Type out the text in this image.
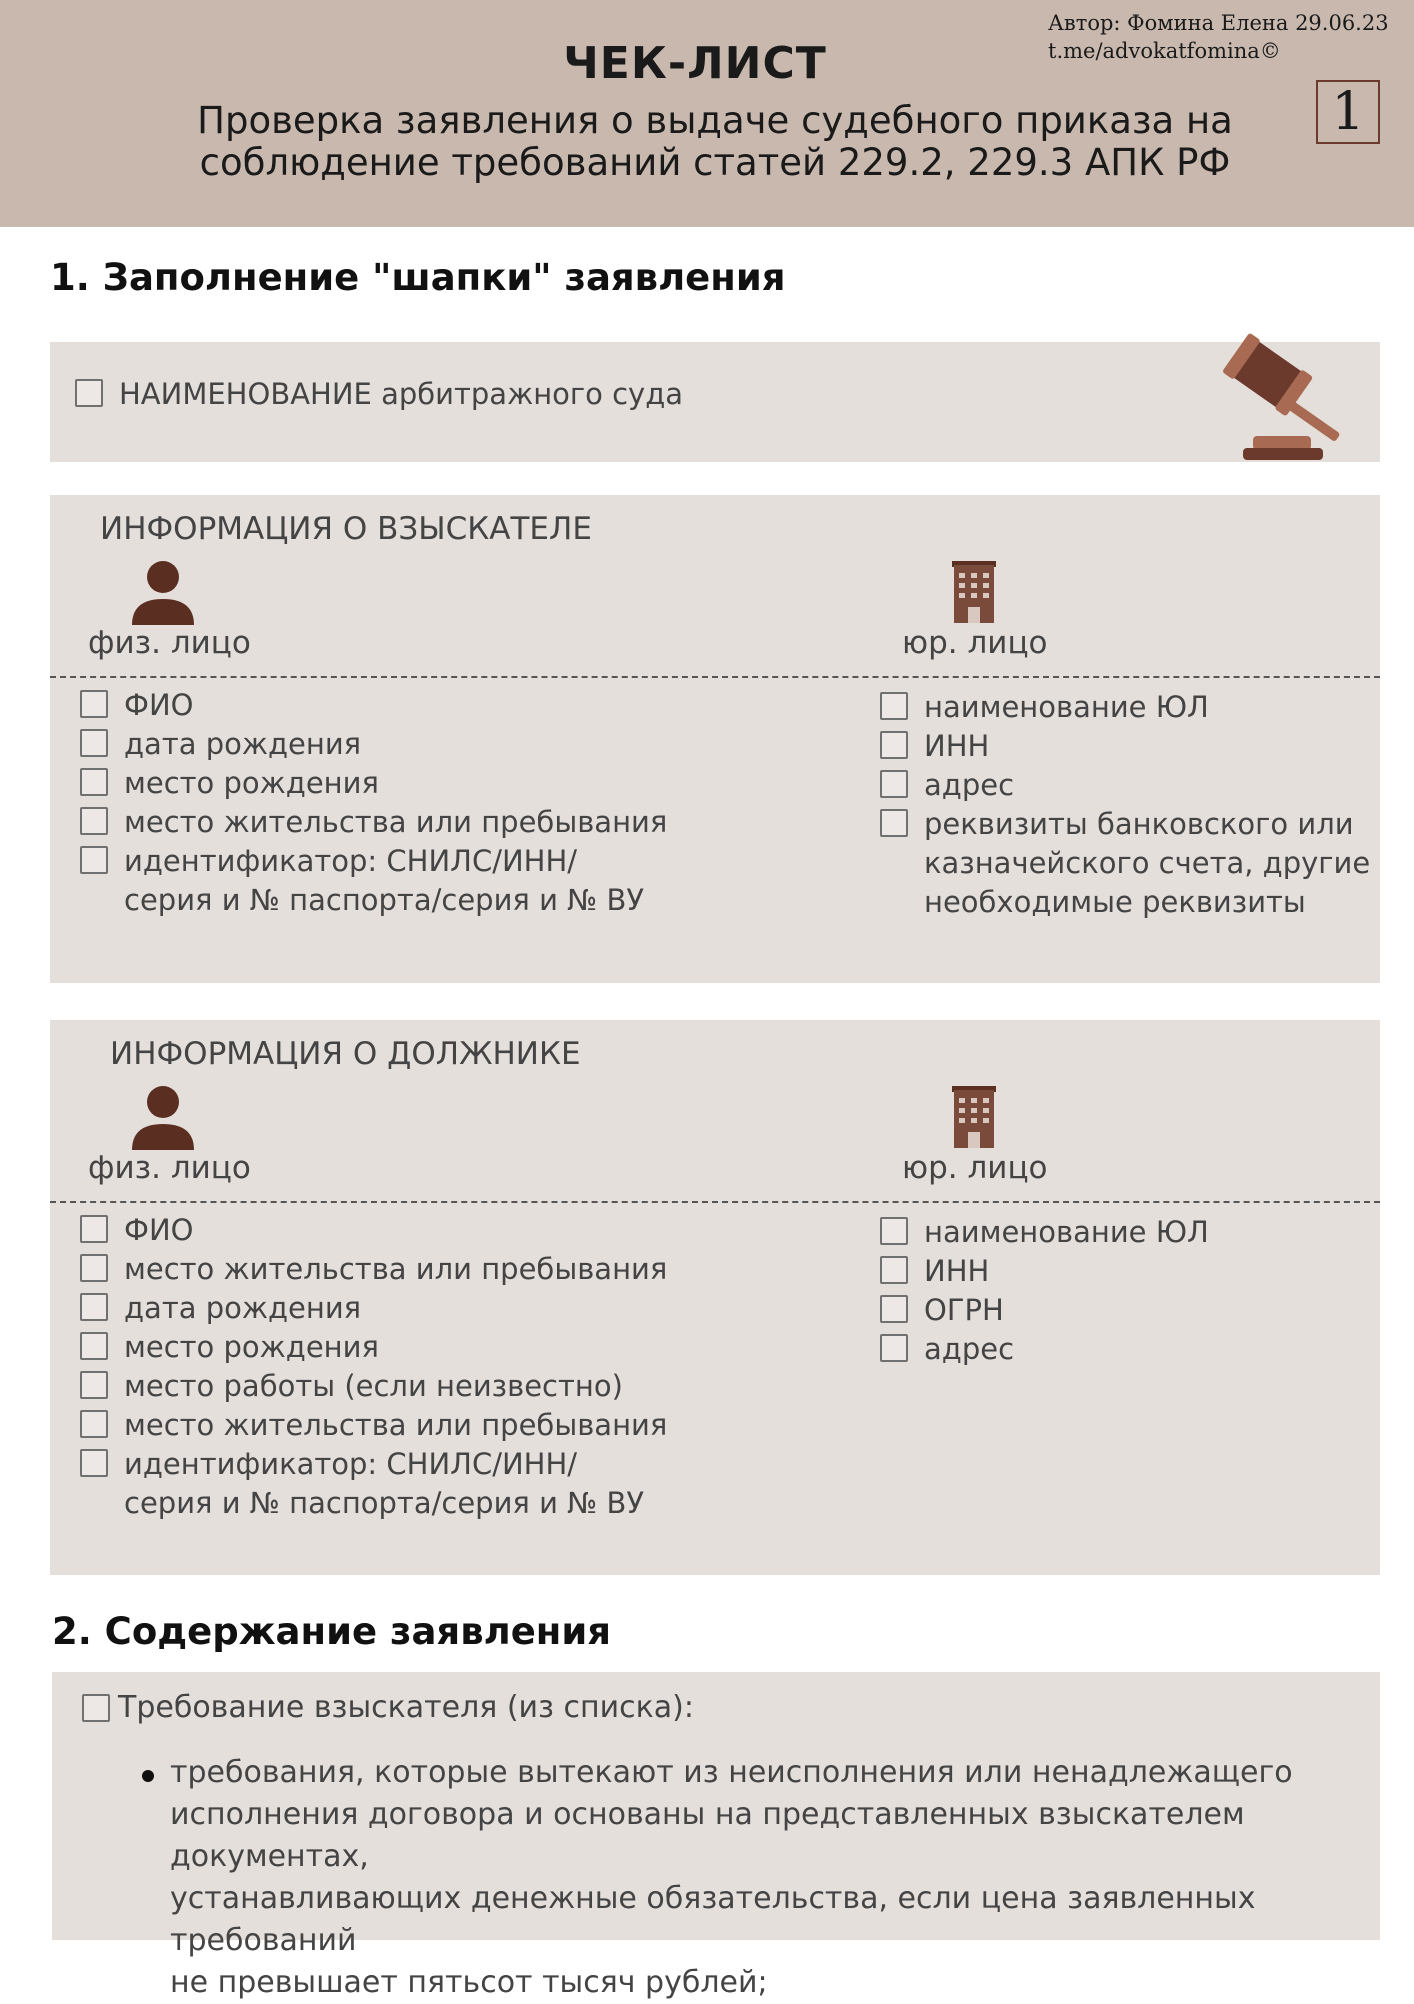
ЧЕК-ЛИСТ
Проверка заявления о выдаче судебного приказа на
соблюдение требований статей 229.2, 229.3 АПК РФ
Автор: Фомина Елена 29.06.23
t.me/advokatfomina©
1
1. Заполнение "шапки" заявления
НАИМЕНОВАНИЕ арбитражного суда
ИНФОРМАЦИЯ О ВЗЫСКАТЕЛЕ
физ. лицо	юр. лицо
ФИО
дата рождения
место рождения
место жительства или пребывания
идентификатор: СНИЛС/ИНН/
серия и № паспорта/серия и № ВУ
наименование ЮЛ
ИНН
адрес
реквизиты банковского или
казначейского счета, другие
необходимые реквизиты
ИНФОРМАЦИЯ О ДОЛЖНИКЕ
физ. лицо	юр. лицо
ФИО
место жительства или пребывания
дата рождения
место рождения
место работы (если неизвестно)
место жительства или пребывания
идентификатор: СНИЛС/ИНН/
серия и № паспорта/серия и № ВУ
наименование ЮЛ
ИНН
ОГРН
адрес
2. Содержание заявления
Требование взыскателя (из списка):
требования, которые вытекают из неисполнения или ненадлежащего
исполнения договора и основаны на представленных взыскателем документах,
устанавливающих денежные обязательства, если цена заявленных требований
не превышает пятьсот тысяч рублей;
